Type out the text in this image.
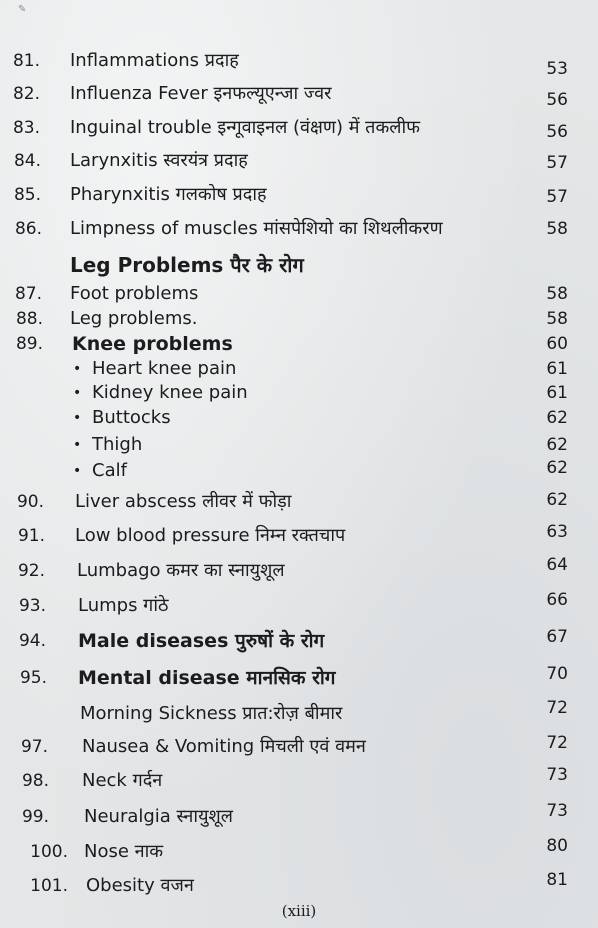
✎
81. Inflammations प्रदाह	53
82. Influenza Fever इनफल्यूएन्जा ज्वर	56
83. Inguinal trouble इन्गूवाइनल (वंक्षण) में तकलीफ	56
84. Larynxitis स्वरयंत्र प्रदाह	57
85. Pharynxitis गलकोष प्रदाह	57
86. Limpness of muscles मांसपेशियो का शिथलीकरण	58
Leg Problems पैर के रोग
87. Foot problems	58
88. Leg problems.	58
89. Knee problems	60
• Heart knee pain	61
• Kidney knee pain	61
• Buttocks	62
• Thigh	62
• Calf	62
90. Liver abscess लीवर में फोड़ा	62
91. Low blood pressure निम्न रक्तचाप	63
92. Lumbago कमर का स्नायुशूल	64
93. Lumps गांठे	66
94. Male diseases पुरुषों के रोग	67
95. Mental disease मानसिक रोग	70
Morning Sickness प्रात:रोज़ बीमार	72
97. Nausea & Vomiting मिचली एवं वमन	72
98. Neck गर्दन	73
99. Neuralgia स्नायुशूल	73
100. Nose नाक	80
101. Obesity वजन	81
(xiii)
